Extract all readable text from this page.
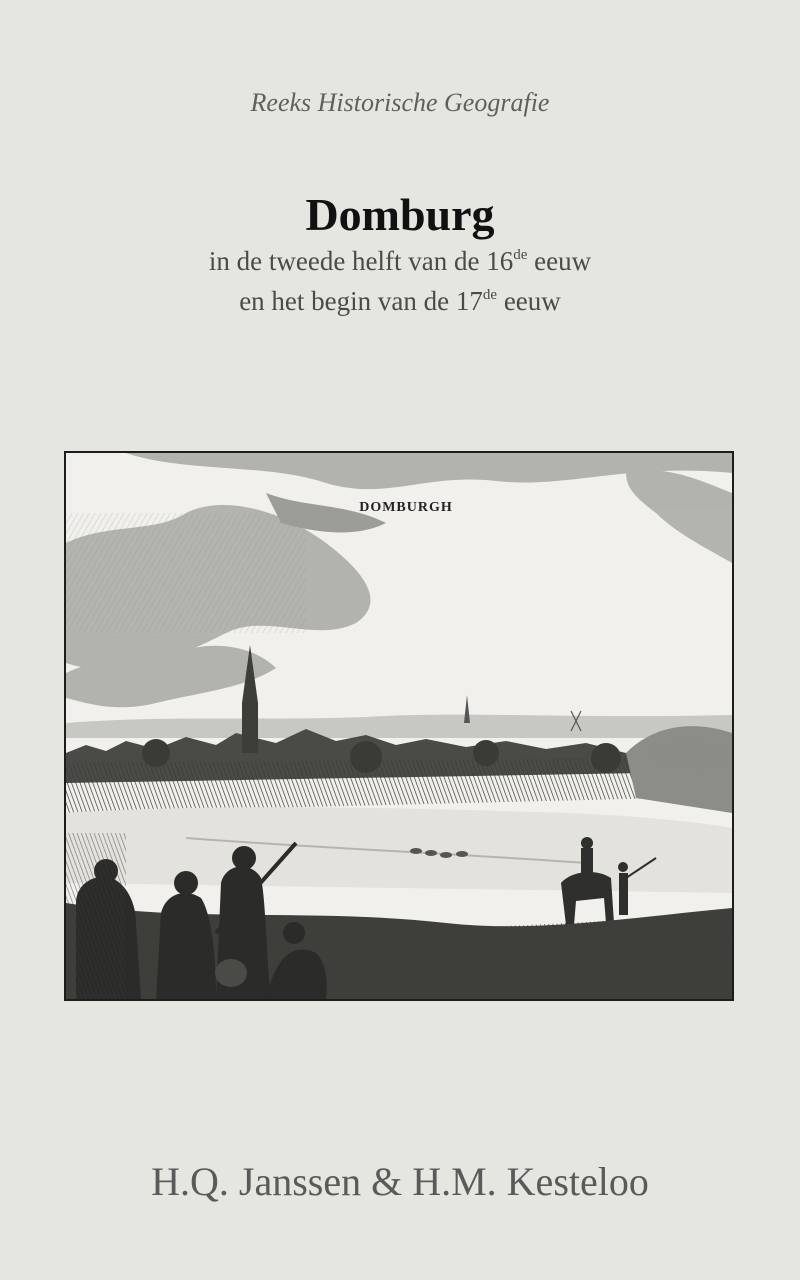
Reeks Historische Geografie
Domburg
in de tweede helft van de 16de eeuw
en het begin van de 17de eeuw
DOMBURGH
H.Q. Janssen & H.M. Kesteloo
